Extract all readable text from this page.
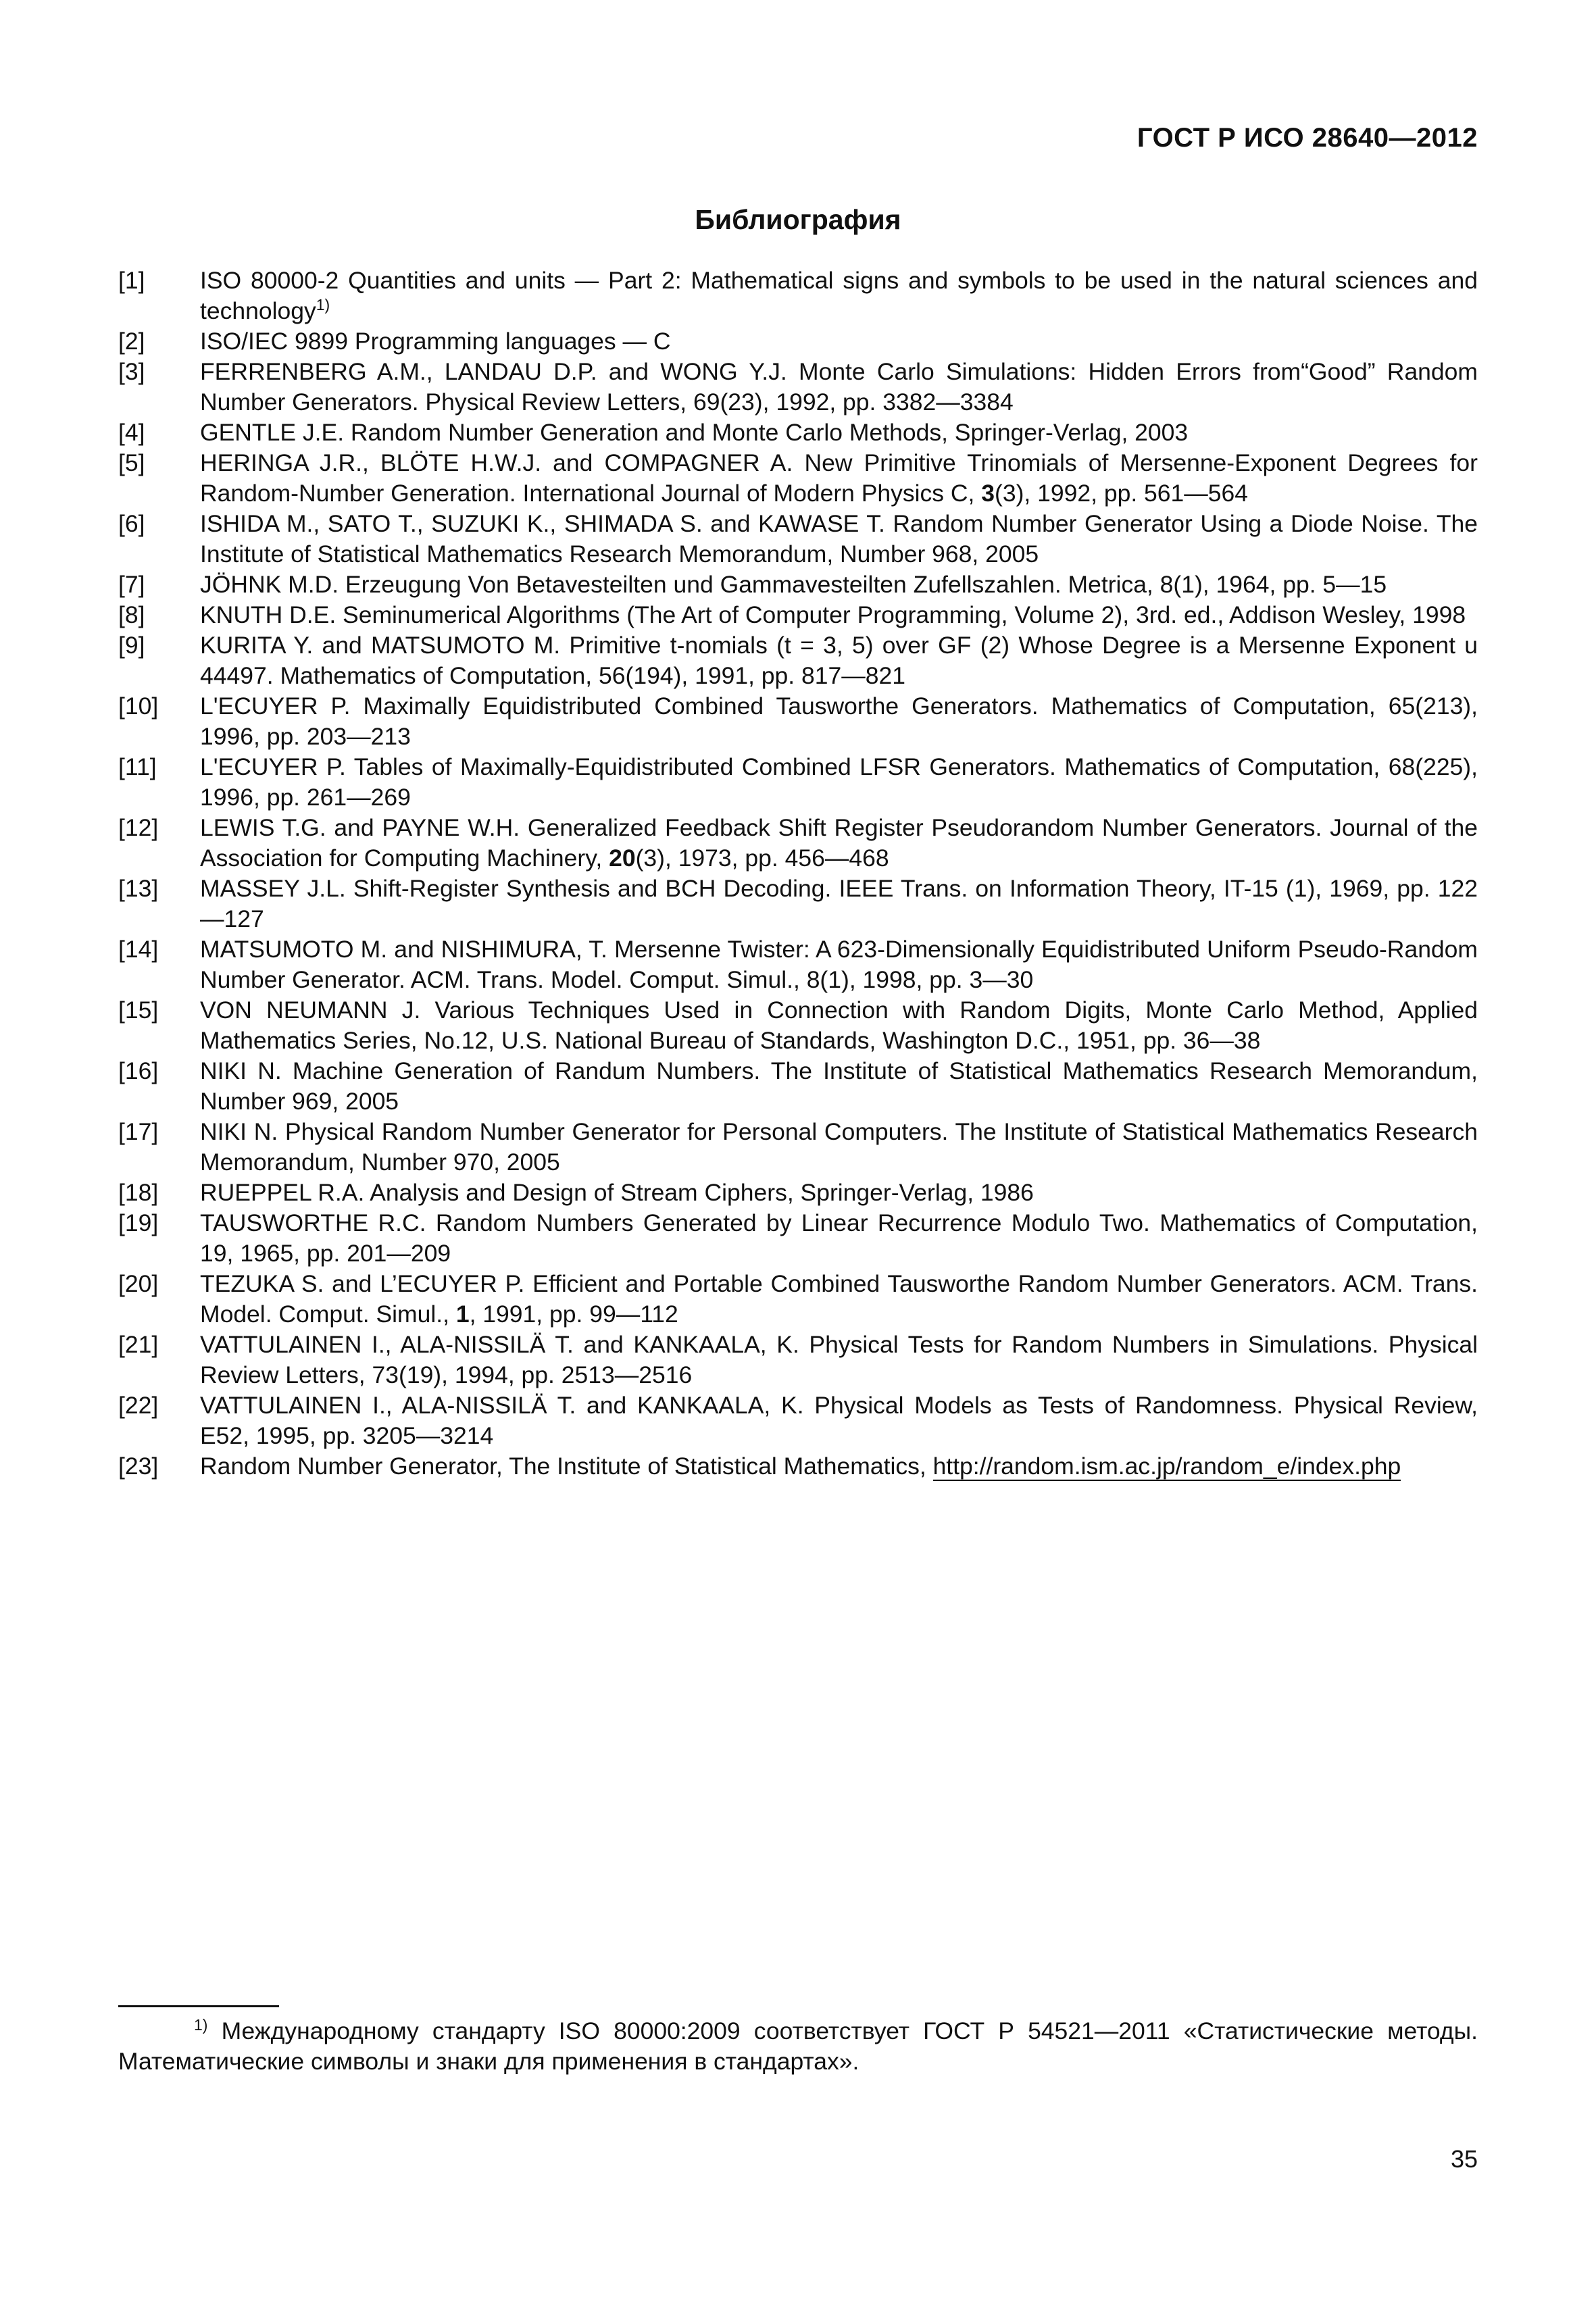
ГОСТ Р ИСО 28640—2012
Библиография
[1]	ISO 80000-2 Quantities and units — Part 2: Mathematical signs and symbols to be used in the natural sciences and technology$^{1)}$
[2]	ISO/IEC 9899 Programming languages — C
[3]	FERRENBERG A.M., LANDAU D.P. and WONG Y.J. Monte Carlo Simulations: Hidden Errors from“Good” Random Number Generators. Physical Review Letters, 69(23), 1992, pp. 3382—3384
[4]	GENTLE J.E. Random Number Generation and Monte Carlo Methods, Springer-Verlag, 2003
[5]	HERINGA J.R., BLÖTE H.W.J. and COMPAGNER A. New Primitive Trinomials of Mersenne-Exponent Degrees for Random-Number Generation. International Journal of Modern Physics C, 3(3), 1992, pp. 561—564
[6]	ISHIDA M., SATO T., SUZUKI K., SHIMADA S. and KAWASE T. Random Number Generator Using a Diode Noise. The Institute of Statistical Mathematics Research Memorandum, Number 968, 2005
[7]	JÖHNK M.D. Erzeugung Von Betavesteilten und Gammavesteilten Zufellszahlen. Metrica, 8(1), 1964, pp. 5—15
[8]	KNUTH D.E. Seminumerical Algorithms (The Art of Computer Programming, Volume 2), 3rd. ed., Addison Wesley, 1998
[9]	KURITA Y. and MATSUMOTO M. Primitive t-nomials (t = 3, 5) over GF (2) Whose Degree is a Mersenne Exponent u 44497. Mathematics of Computation, 56(194), 1991, pp. 817—821
[10]	L'ECUYER P. Maximally Equidistributed Combined Tausworthe Generators. Mathematics of Computation, 65(213), 1996, pp. 203—213
[11]	L'ECUYER P. Tables of Maximally-Equidistributed Combined LFSR Generators. Mathematics of Computation, 68(225), 1996, pp. 261—269
[12]	LEWIS T.G. and PAYNE W.H. Generalized Feedback Shift Register Pseudorandom Number Generators. Journal of the Association for Computing Machinery, 20(3), 1973, pp. 456—468
[13]	MASSEY J.L. Shift-Register Synthesis and BCH Decoding. IEEE Trans. on Information Theory, IT-15 (1), 1969, pp. 122—127
[14]	MATSUMOTO M. and NISHIMURA, T. Mersenne Twister: A 623-Dimensionally Equidistributed Uniform Pseudo-Random Number Generator. ACM. Trans. Model. Comput. Simul., 8(1), 1998, pp. 3—30
[15]	VON NEUMANN J. Various Techniques Used in Connection with Random Digits, Monte Carlo Method, Applied Mathematics Series, No.12, U.S. National Bureau of Standards, Washington D.C., 1951, pp. 36—38
[16]	NIKI N. Machine Generation of Randum Numbers. The Institute of Statistical Mathematics Research Memorandum, Number 969, 2005
[17]	NIKI N. Physical Random Number Generator for Personal Computers. The Institute of Statistical Mathematics Research Memorandum, Number 970, 2005
[18]	RUEPPEL R.A. Analysis and Design of Stream Ciphers, Springer-Verlag, 1986
[19]	TAUSWORTHE R.C. Random Numbers Generated by Linear Recurrence Modulo Two. Mathematics of Computation, 19, 1965, pp. 201—209
[20]	TEZUKA S. and L’ECUYER P. Efficient and Portable Combined Tausworthe Random Number Generators. ACM. Trans. Model. Comput. Simul., 1, 1991, pp. 99—112
[21]	VATTULAINEN I., ALA-NISSILÄ T. and KANKAALA, K. Physical Tests for Random Numbers in Simulations. Physical Review Letters, 73(19), 1994, pp. 2513—2516
[22]	VATTULAINEN I., ALA-NISSILÄ T. and KANKAALA, K. Physical Models as Tests of Randomness. Physical Review, E52, 1995, pp. 3205—3214
[23]	Random Number Generator, The Institute of Statistical Mathematics, http://random.ism.ac.jp/random_e/index.php
$^{1)}$ Международному стандарту ISO 80000:2009 соответствует ГОСТ Р 54521—2011 «Статистические методы. Математические символы и знаки для применения в стандартах».
35
